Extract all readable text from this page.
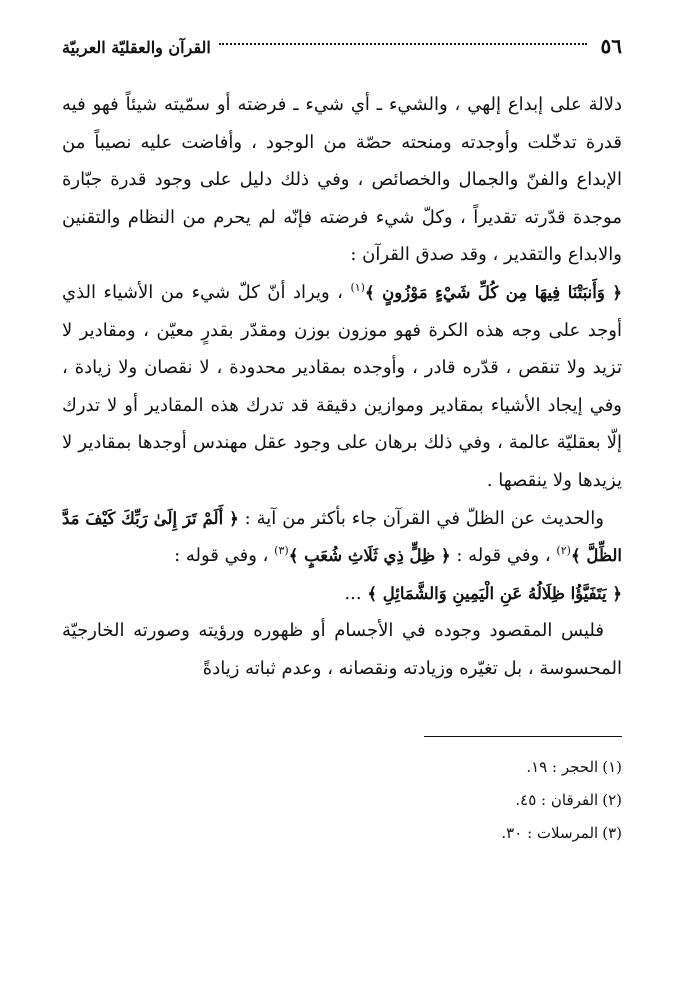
٥٦
القرآن والعقليّة العربيّة

دلالة على إبداع إلهي ، والشيء ـ أي شيء ـ فرضته أو سمّيته شيئاً فهو فيه قدرة تدخّلت وأوجدته ومنحته حصّة من الوجود ، وأفاضت عليه نصيباً من الإبداع والفنّ والجمال والخصائص ، وفي ذلك دليل على وجود قدرة جبّارة موجدة قدّرته تقديراً ، وكلّ شيء فرضته فإنّه لم يحرم من النظام والتقنين والابداع والتقدير ، وقد صدق القرآن :
﴿ وَأَنبَتْنَا فِيهَا مِن كُلِّ شَيْءٍ مَوْزُونٍ ﴾$^{(١)}$ ، ويراد أنّ كلّ شيء من الأشياء الذي أوجد على وجه هذه الكرة فهو موزون بوزن ومقدّر بقدرٍ معيّن ، ومقادير لا تزيد ولا تنقص ، قدّره قادر ، وأوجده بمقادير محدودة ، لا نقصان ولا زيادة ، وفي إيجاد الأشياء بمقادير وموازين دقيقة قد تدرك هذه المقادير أو لا تدرك إلّا بعقليّة عالمة ، وفي ذلك برهان على وجود عقل مهندس أوجدها بمقادير لا يزيدها ولا ينقصها .

والحديث عن الظلّ في القرآن جاء بأكثر من آية : ﴿ أَلَمْ تَرَ إِلَىٰ رَبِّكَ كَيْفَ مَدَّ الظِّلَّ ﴾$^{(٢)}$ ، وفي قوله : ﴿ ظِلٍّ ذِي ثَلَاثِ شُعَبٍ ﴾$^{(٣)}$ ، وفي قوله :
﴿ يَتَفَيَّؤُا ظِلَالُهُ عَنِ الْيَمِينِ وَالشَّمَائِلِ ﴾ ...

فليس المقصود وجوده في الأجسام أو ظهوره ورؤيته وصورته الخارجيّة المحسوسة ، بل تغيّره وزيادته ونقصانه ، وعدم ثباته زيادةً

(١)الحجر : ١٩.
(٢)الفرقان : ٤٥.
(٣)المرسلات : ٣٠.
